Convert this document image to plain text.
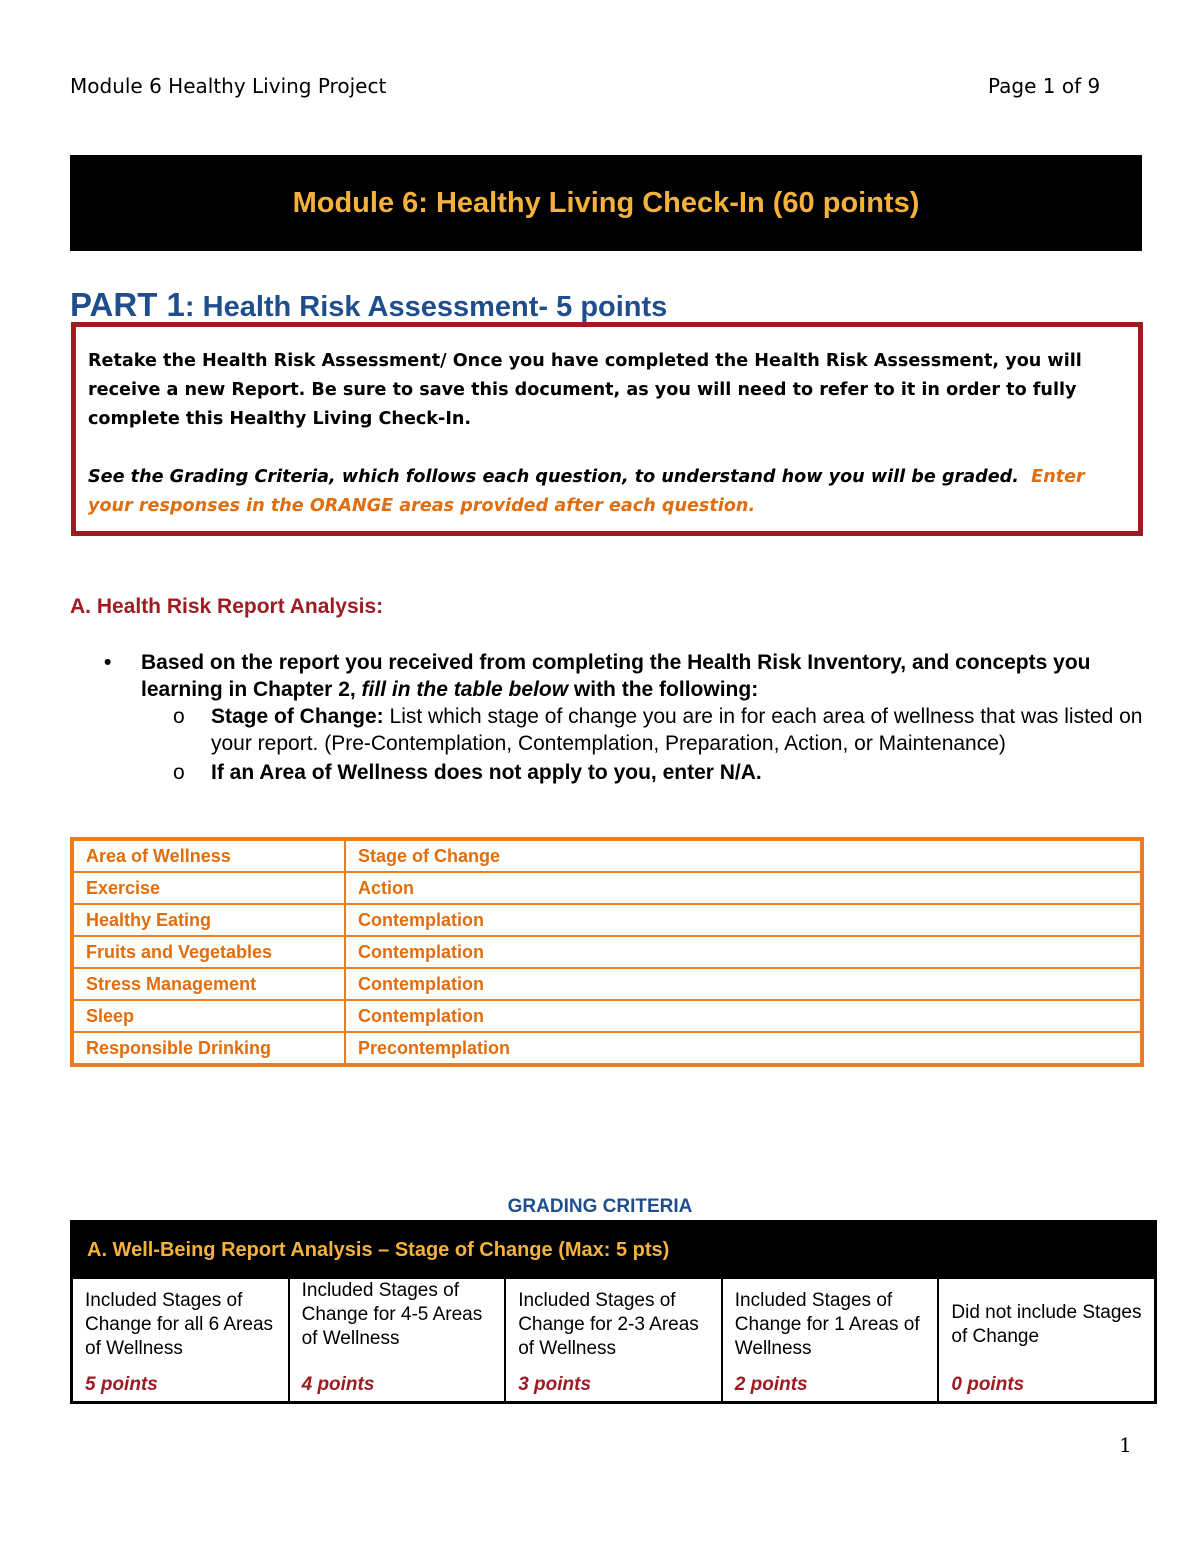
Module 6 Healthy Living Project	Page 1 of 9
Module 6: Healthy Living Check-In (60 points)
PART 1: Health Risk Assessment- 5 points
Retake the Health Risk Assessment/ Once you have completed the Health Risk Assessment, you will receive a new Report. Be sure to save this document, as you will need to refer to it in order to fully complete this Healthy Living Check-In.
See the Grading Criteria, which follows each question, to understand how you will be graded. Enter your responses in the ORANGE areas provided after each question.
A. Health Risk Report Analysis:
• Based on the report you received from completing the Health Risk Inventory, and concepts you learning in Chapter 2, fill in the table below with the following:
o Stage of Change: List which stage of change you are in for each area of wellness that was listed on your report. (Pre-Contemplation, Contemplation, Preparation, Action, or Maintenance)
o If an Area of Wellness does not apply to you, enter N/A.
Area of Wellness	Stage of Change
Exercise	Action
Healthy Eating	Contemplation
Fruits and Vegetables	Contemplation
Stress Management	Contemplation
Sleep	Contemplation
Responsible Drinking	Precontemplation
GRADING CRITERIA
A. Well-Being Report Analysis – Stage of Change (Max: 5 pts)

Included Stages of Change for all 6 Areas of Wellness
5 points

Included Stages of Change for 4-5 Areas of Wellness
4 points

Included Stages of Change for 2-3 Areas of Wellness
3 points

Included Stages of Change for 1 Areas of Wellness
2 points

Did not include Stages of Change
0 points
1
